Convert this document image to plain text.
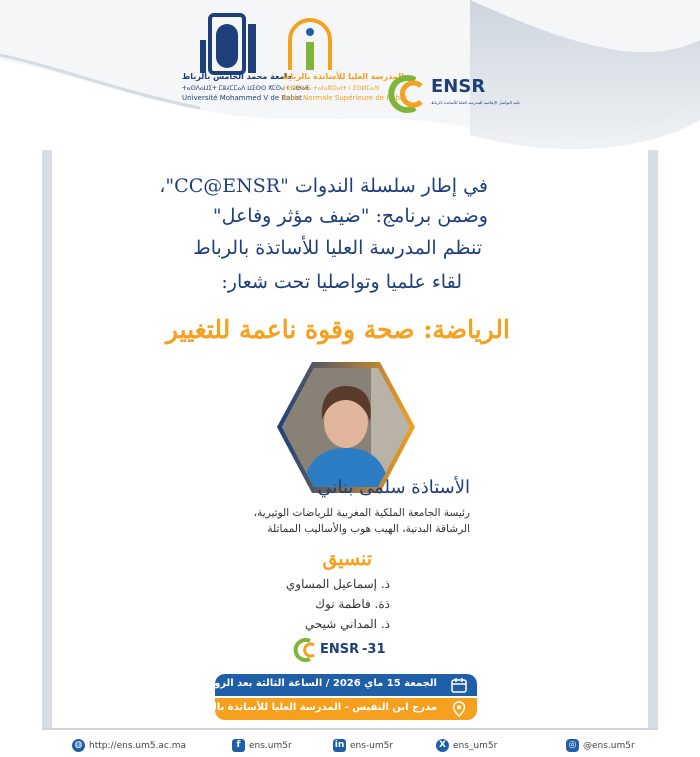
جامعة محمد الخامس بالرباط
ⵜⴰⵙⴷⴰⵡⵉⵜ ⵎⵓⵃⵎⵎⴰⴷ ⵡⵉⵙⵙ ⵅⵎⵙⴰ ⵏ ⵕⴱⴰⵟ
Université Mohammed V de Rabat
المدرسة العليا للأساتذة بالرباط
ⵜⵉⵙⴽⵯⵍⴰ ⵜⴰⵏⴰⴳⵔⴰⵏⵜ ⵏ ⵉⵙⵍⵎⴰⴷⵏ
École Normale Supérieure de Rabat
ENSR
خلية التواصل الإعلامية للمدرسة العليا للأساتذة بالرباط
في إطار سلسلة الندوات "CC@ENSR"،
وضمن برنامج: "ضيف مؤثر وفاعل"
تنظم المدرسة العليا للأساتذة بالرباط
لقاء علميا وتواصليا تحت شعار:
الرياضة: صحة وقوة ناعمة للتغيير
الأستاذة سلمى بناني
رئيسة الجامعة الملكية المغربية للرياضات الوثيرية،
الرشاقة البدنية، الهيب هوب والأساليب المماثلة
تنسيق
ذ. إسماعيل المساوي
ذة. فاطمة نوك
ذ. المداني شيحي
ENSR -31
الجمعة 15 ماي 2026 / الساعة الثالثة بعد الزوال
مدرج ابن النفيس - المدرسة العليا للأساتذة بالرباط - التقدم
◍ http://ens.um5.ac.ma	f ens.um5r	in ens-um5r	X ens_um5r	◎ @ens.um5r
